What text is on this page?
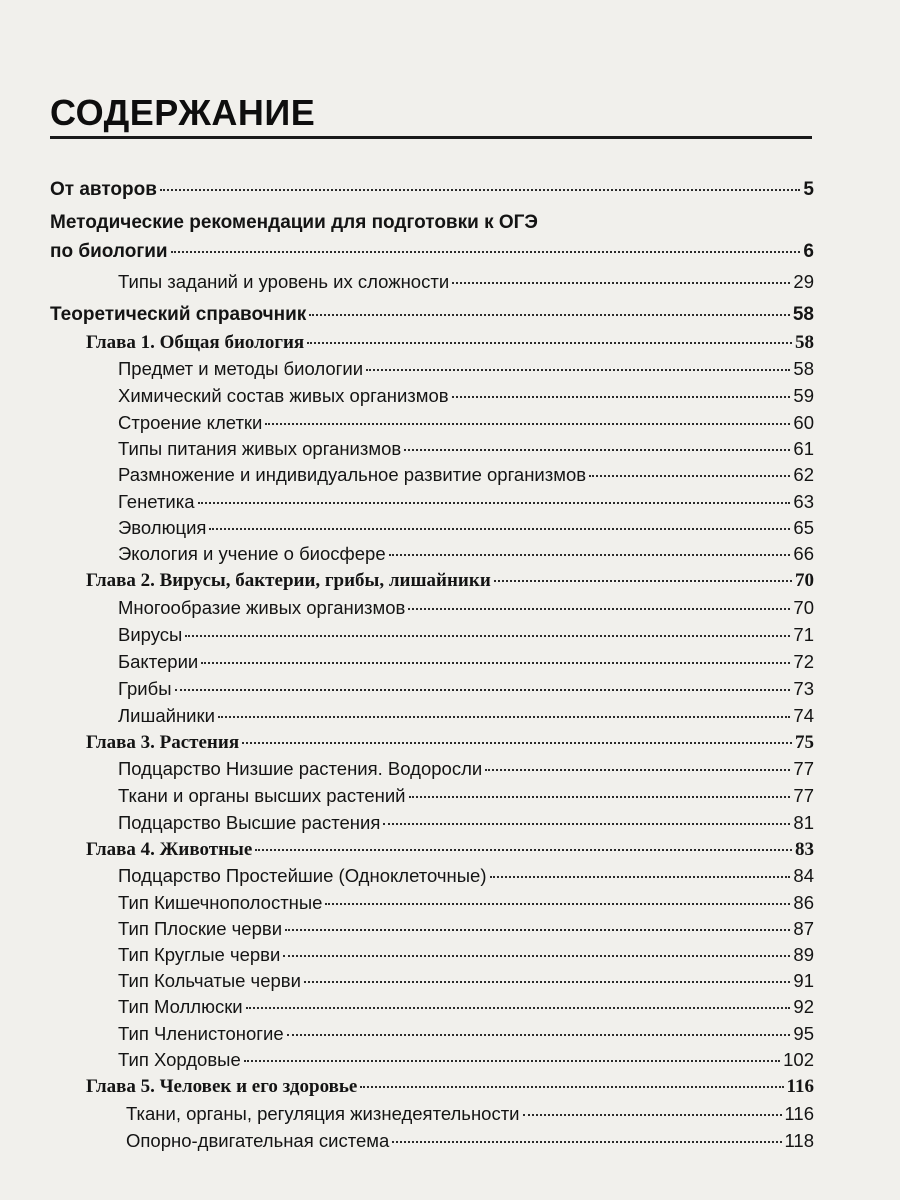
СОДЕРЖАНИЕ
От авторов	5
Методические рекомендации для подготовки к ОГЭ
по биологии	6
Типы заданий и уровень их сложности	29
Теоретический справочник	58
Глава 1. Общая биология	58
Предмет и методы биологии	58
Химический состав живых организмов	59
Строение клетки	60
Типы питания живых организмов	61
Размножение и индивидуальное развитие организмов	62
Генетика	63
Эволюция	65
Экология и учение о биосфере	66
Глава 2. Вирусы, бактерии, грибы, лишайники	70
Многообразие живых организмов	70
Вирусы	71
Бактерии	72
Грибы	73
Лишайники	74
Глава 3. Растения	75
Подцарство Низшие растения. Водоросли	77
Ткани и органы высших растений	77
Подцарство Высшие растения	81
Глава 4. Животные	83
Подцарство Простейшие (Одноклеточные)	84
Тип Кишечнополостные	86
Тип Плоские черви	87
Тип Круглые черви	89
Тип Кольчатые черви	91
Тип Моллюски	92
Тип Членистоногие	95
Тип Хордовые	102
Глава 5. Человек и его здоровье	116
Ткани, органы, регуляция жизнедеятельности	116
Опорно-двигательная система	118
